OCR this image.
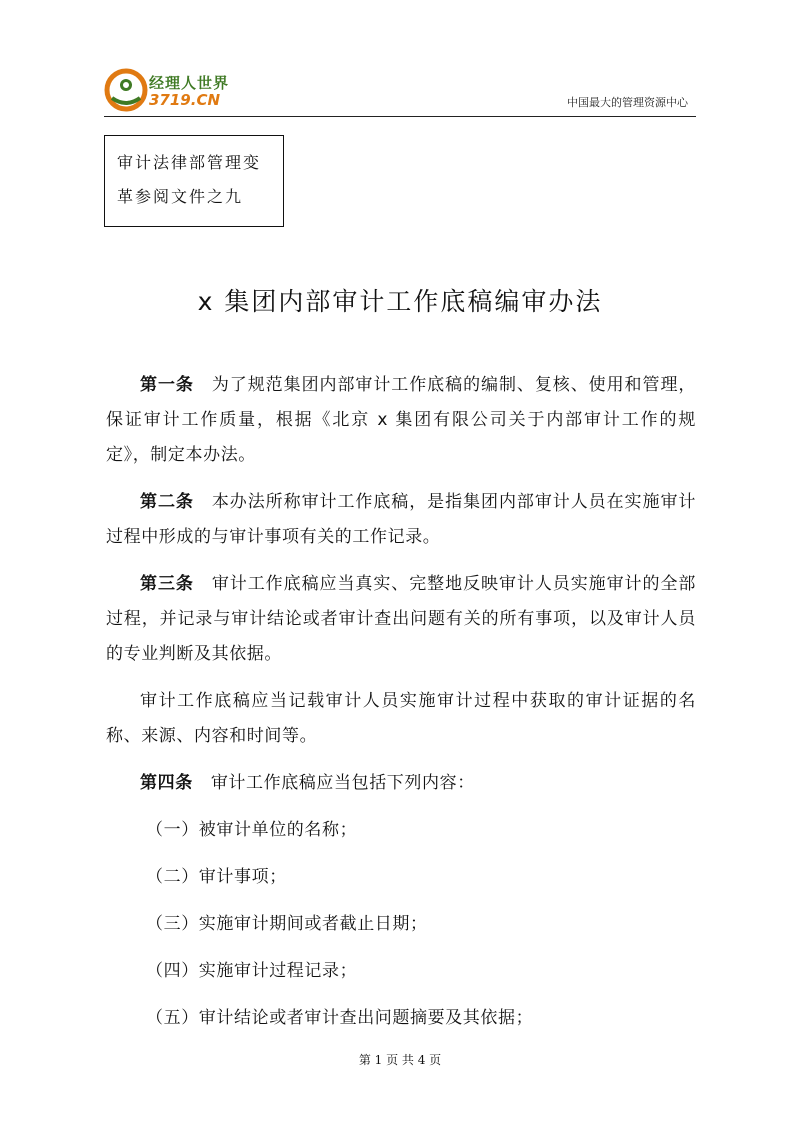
经理人世界
3719.CN	中国最大的管理资源中心
审计法律部管理变
革参阅文件之九
x 集团内部审计工作底稿编审办法

第一条 为了规范集团内部审计工作底稿的编制、复核、使用和管理，保证审计工作质量，根据《北京 x 集团有限公司关于内部审计工作的规定》，制定本办法。

第二条 本办法所称审计工作底稿，是指集团内部审计人员在实施审计过程中形成的与审计事项有关的工作记录。

第三条 审计工作底稿应当真实、完整地反映审计人员实施审计的全部过程，并记录与审计结论或者审计查出问题有关的所有事项，以及审计人员的专业判断及其依据。

审计工作底稿应当记载审计人员实施审计过程中获取的审计证据的名称、来源、内容和时间等。

第四条 审计工作底稿应当包括下列内容：

（一）被审计单位的名称；
（二）审计事项；
（三）实施审计期间或者截止日期；
（四）实施审计过程记录；
（五）审计结论或者审计查出问题摘要及其依据；
第 1 页 共 4 页
